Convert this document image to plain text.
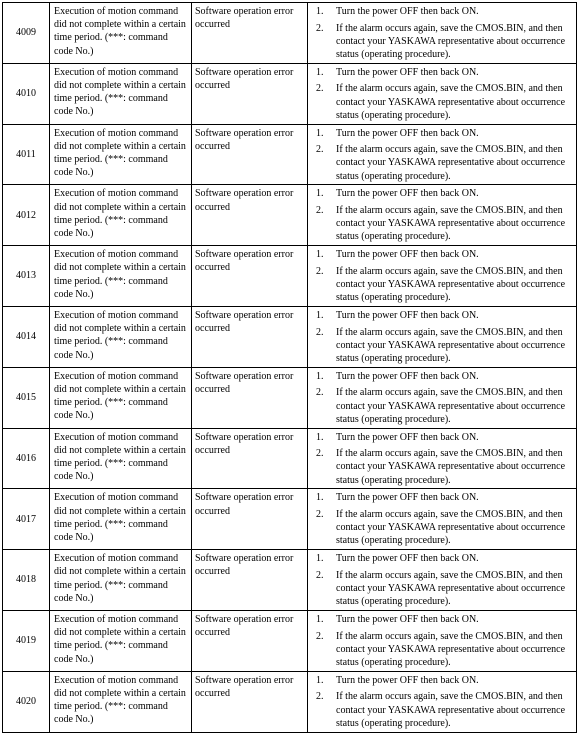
4009	Execution of motion command did not complete within a certain time period. (***: command code No.)	Software operation error occurred	1. Turn the power OFF then back ON.
2. If the alarm occurs again, save the CMOS.BIN, and then contact your YASKAWA representative about occurrence status (operating procedure).

4010	Execution of motion command did not complete within a certain time period. (***: command code No.)	Software operation error occurred	1. Turn the power OFF then back ON.
2. If the alarm occurs again, save the CMOS.BIN, and then contact your YASKAWA representative about occurrence status (operating procedure).

4011	Execution of motion command did not complete within a certain time period. (***: command code No.)	Software operation error occurred	1. Turn the power OFF then back ON.
2. If the alarm occurs again, save the CMOS.BIN, and then contact your YASKAWA representative about occurrence status (operating procedure).

4012	Execution of motion command did not complete within a certain time period. (***: command code No.)	Software operation error occurred	1. Turn the power OFF then back ON.
2. If the alarm occurs again, save the CMOS.BIN, and then contact your YASKAWA representative about occurrence status (operating procedure).

4013	Execution of motion command did not complete within a certain time period. (***: command code No.)	Software operation error occurred	1. Turn the power OFF then back ON.
2. If the alarm occurs again, save the CMOS.BIN, and then contact your YASKAWA representative about occurrence status (operating procedure).

4014	Execution of motion command did not complete within a certain time period. (***: command code No.)	Software operation error occurred	1. Turn the power OFF then back ON.
2. If the alarm occurs again, save the CMOS.BIN, and then contact your YASKAWA representative about occurrence status (operating procedure).

4015	Execution of motion command did not complete within a certain time period. (***: command code No.)	Software operation error occurred	1. Turn the power OFF then back ON.
2. If the alarm occurs again, save the CMOS.BIN, and then contact your YASKAWA representative about occurrence status (operating procedure).

4016	Execution of motion command did not complete within a certain time period. (***: command code No.)	Software operation error occurred	1. Turn the power OFF then back ON.
2. If the alarm occurs again, save the CMOS.BIN, and then contact your YASKAWA representative about occurrence status (operating procedure).

4017	Execution of motion command did not complete within a certain time period. (***: command code No.)	Software operation error occurred	1. Turn the power OFF then back ON.
2. If the alarm occurs again, save the CMOS.BIN, and then contact your YASKAWA representative about occurrence status (operating procedure).

4018	Execution of motion command did not complete within a certain time period. (***: command code No.)	Software operation error occurred	1. Turn the power OFF then back ON.
2. If the alarm occurs again, save the CMOS.BIN, and then contact your YASKAWA representative about occurrence status (operating procedure).

4019	Execution of motion command did not complete within a certain time period. (***: command code No.)	Software operation error occurred	1. Turn the power OFF then back ON.
2. If the alarm occurs again, save the CMOS.BIN, and then contact your YASKAWA representative about occurrence status (operating procedure).

4020	Execution of motion command did not complete within a certain time period. (***: command code No.)	Software operation error occurred	1. Turn the power OFF then back ON.
2. If the alarm occurs again, save the CMOS.BIN, and then contact your YASKAWA representative about occurrence status (operating procedure).
